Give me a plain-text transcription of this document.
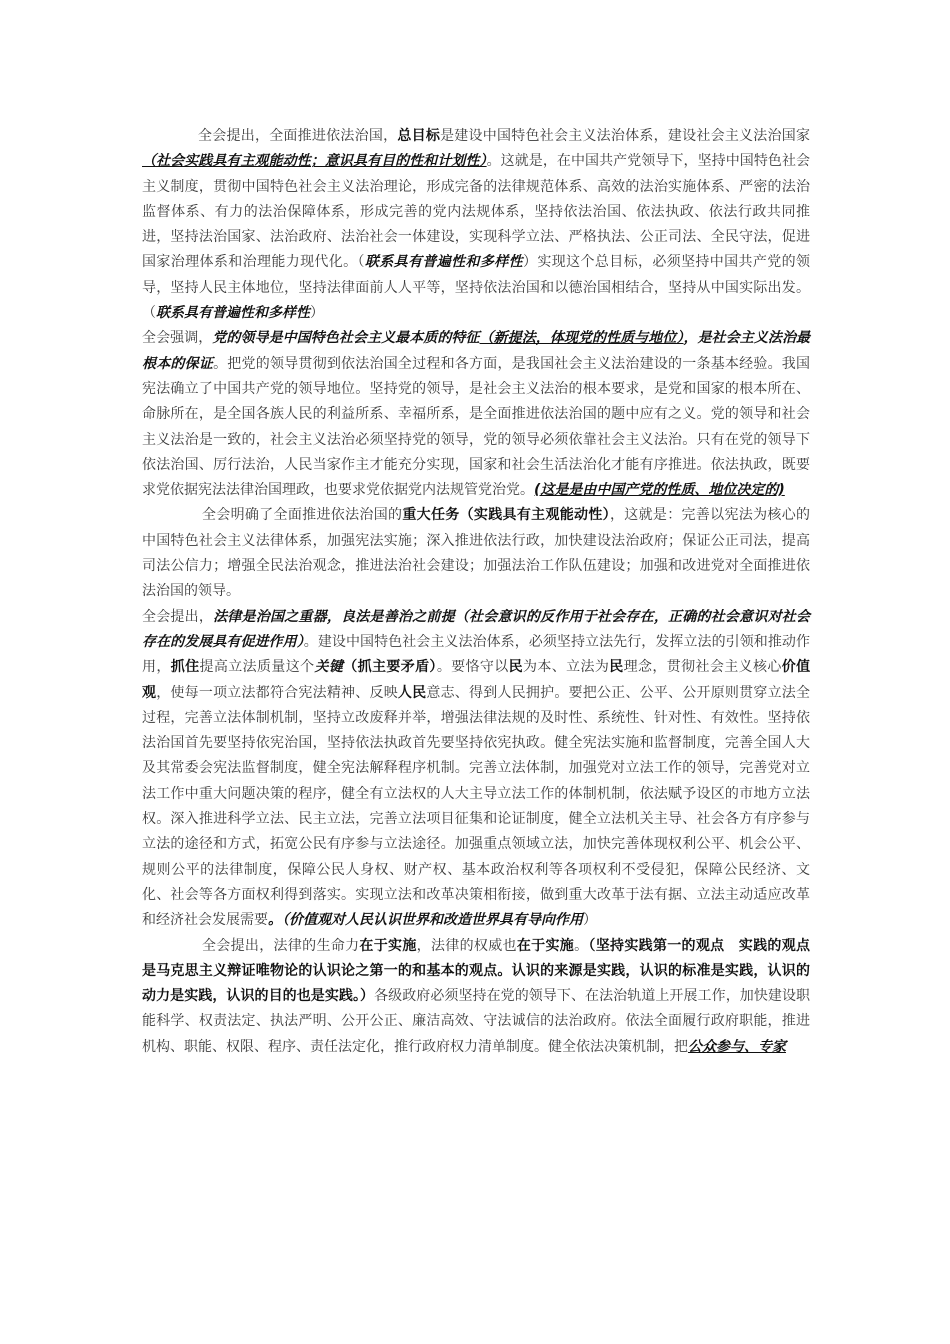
全会提出，全面推进依法治国，总目标是建设中国特色社会主义法治体系，建设社会主义法治国家（社会实践具有主观能动性；意识具有目的性和计划性）。这就是，在中国共产党领导下，坚持中国特色社会主义制度，贯彻中国特色社会主义法治理论，形成完备的法律规范体系、高效的法治实施体系、严密的法治监督体系、有力的法治保障体系，形成完善的党内法规体系，坚持依法治国、依法执政、依法行政共同推进，坚持法治国家、法治政府、法治社会一体建设，实现科学立法、严格执法、公正司法、全民守法，促进国家治理体系和治理能力现代化。（联系具有普遍性和多样性）实现这个总目标，必须坚持中国共产党的领导，坚持人民主体地位，坚持法律面前人人平等，坚持依法治国和以德治国相结合，坚持从中国实际出发。（联系具有普遍性和多样性）

全会强调，党的领导是中国特色社会主义最本质的特征（新提法，体现党的性质与地位），是社会主义法治最根本的保证。把党的领导贯彻到依法治国全过程和各方面，是我国社会主义法治建设的一条基本经验。我国宪法确立了中国共产党的领导地位。坚持党的领导，是社会主义法治的根本要求，是党和国家的根本所在、命脉所在，是全国各族人民的利益所系、幸福所系，是全面推进依法治国的题中应有之义。党的领导和社会主义法治是一致的，社会主义法治必须坚持党的领导，党的领导必须依靠社会主义法治。只有在党的领导下依法治国、厉行法治，人民当家作主才能充分实现，国家和社会生活法治化才能有序推进。依法执政，既要求党依据宪法法律治国理政，也要求党依据党内法规管党治党。(这是是由中国产党的性质、地位决定的)

全会明确了全面推进依法治国的重大任务（实践具有主观能动性），这就是：完善以宪法为核心的中国特色社会主义法律体系，加强宪法实施；深入推进依法行政，加快建设法治政府；保证公正司法，提高司法公信力；增强全民法治观念，推进法治社会建设；加强法治工作队伍建设；加强和改进党对全面推进依法治国的领导。

全会提出，法律是治国之重器，良法是善治之前提（社会意识的反作用于社会存在，正确的社会意识对社会存在的发展具有促进作用）。建设中国特色社会主义法治体系，必须坚持立法先行，发挥立法的引领和推动作用，抓住提高立法质量这个关键（抓主要矛盾）。要恪守以民为本、立法为民理念，贯彻社会主义核心价值观，使每一项立法都符合宪法精神、反映人民意志、得到人民拥护。要把公正、公平、公开原则贯穿立法全过程，完善立法体制机制，坚持立改废释并举，增强法律法规的及时性、系统性、针对性、有效性。坚持依法治国首先要坚持依宪治国，坚持依法执政首先要坚持依宪执政。健全宪法实施和监督制度，完善全国人大及其常委会宪法监督制度，健全宪法解释程序机制。完善立法体制，加强党对立法工作的领导，完善党对立法工作中重大问题决策的程序，健全有立法权的人大主导立法工作的体制机制，依法赋予设区的市地方立法权。深入推进科学立法、民主立法，完善立法项目征集和论证制度，健全立法机关主导、社会各方有序参与立法的途径和方式，拓宽公民有序参与立法途径。加强重点领域立法，加快完善体现权利公平、机会公平、规则公平的法律制度，保障公民人身权、财产权、基本政治权利等各项权利不受侵犯，保障公民经济、文化、社会等各方面权利得到落实。实现立法和改革决策相衔接，做到重大改革于法有据、立法主动适应改革和经济社会发展需要。（价值观对人民认识世界和改造世界具有导向作用）

全会提出，法律的生命力在于实施，法律的权威也在于实施。（坚持实践第一的观点　实践的观点是马克思主义辩证唯物论的认识论之第一的和基本的观点。认识的来源是实践，认识的标准是实践，认识的动力是实践，认识的目的也是实践。）各级政府必须坚持在党的领导下、在法治轨道上开展工作，加快建设职能科学、权责法定、执法严明、公开公正、廉洁高效、守法诚信的法治政府。依法全面履行政府职能，推进机构、职能、权限、程序、责任法定化，推行政府权力清单制度。健全依法决策机制，把公众参与、专家
